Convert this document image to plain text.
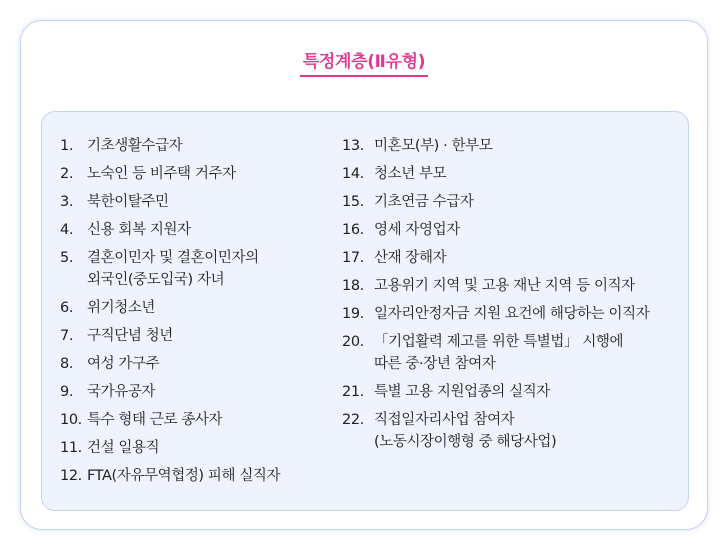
특정계층(Ⅱ유형)
1. 기초생활수급자
2. 노숙인 등 비주택 거주자
3. 북한이탈주민
4. 신용 회복 지원자
5. 결혼이민자 및 결혼이민자의
외국인(중도입국) 자녀
6. 위기청소년
7. 구직단념 청년
8. 여성 가구주
9. 국가유공자
10. 특수 형태 근로 종사자
11. 건설 일용직
12. FTA(자유무역협정) 피해 실직자
13. 미혼모(부) · 한부모
14. 청소년 부모
15. 기초연금 수급자
16. 영세 자영업자
17. 산재 장해자
18. 고용위기 지역 및 고용 재난 지역 등 이직자
19. 일자리안정자금 지원 요건에 해당하는 이직자
20. 「기업활력 제고를 위한 특별법」 시행에
따른 중·장년 참여자
21. 특별 고용 지원업종의 실직자
22. 직접일자리사업 참여자
(노동시장이행형 중 해당사업)
